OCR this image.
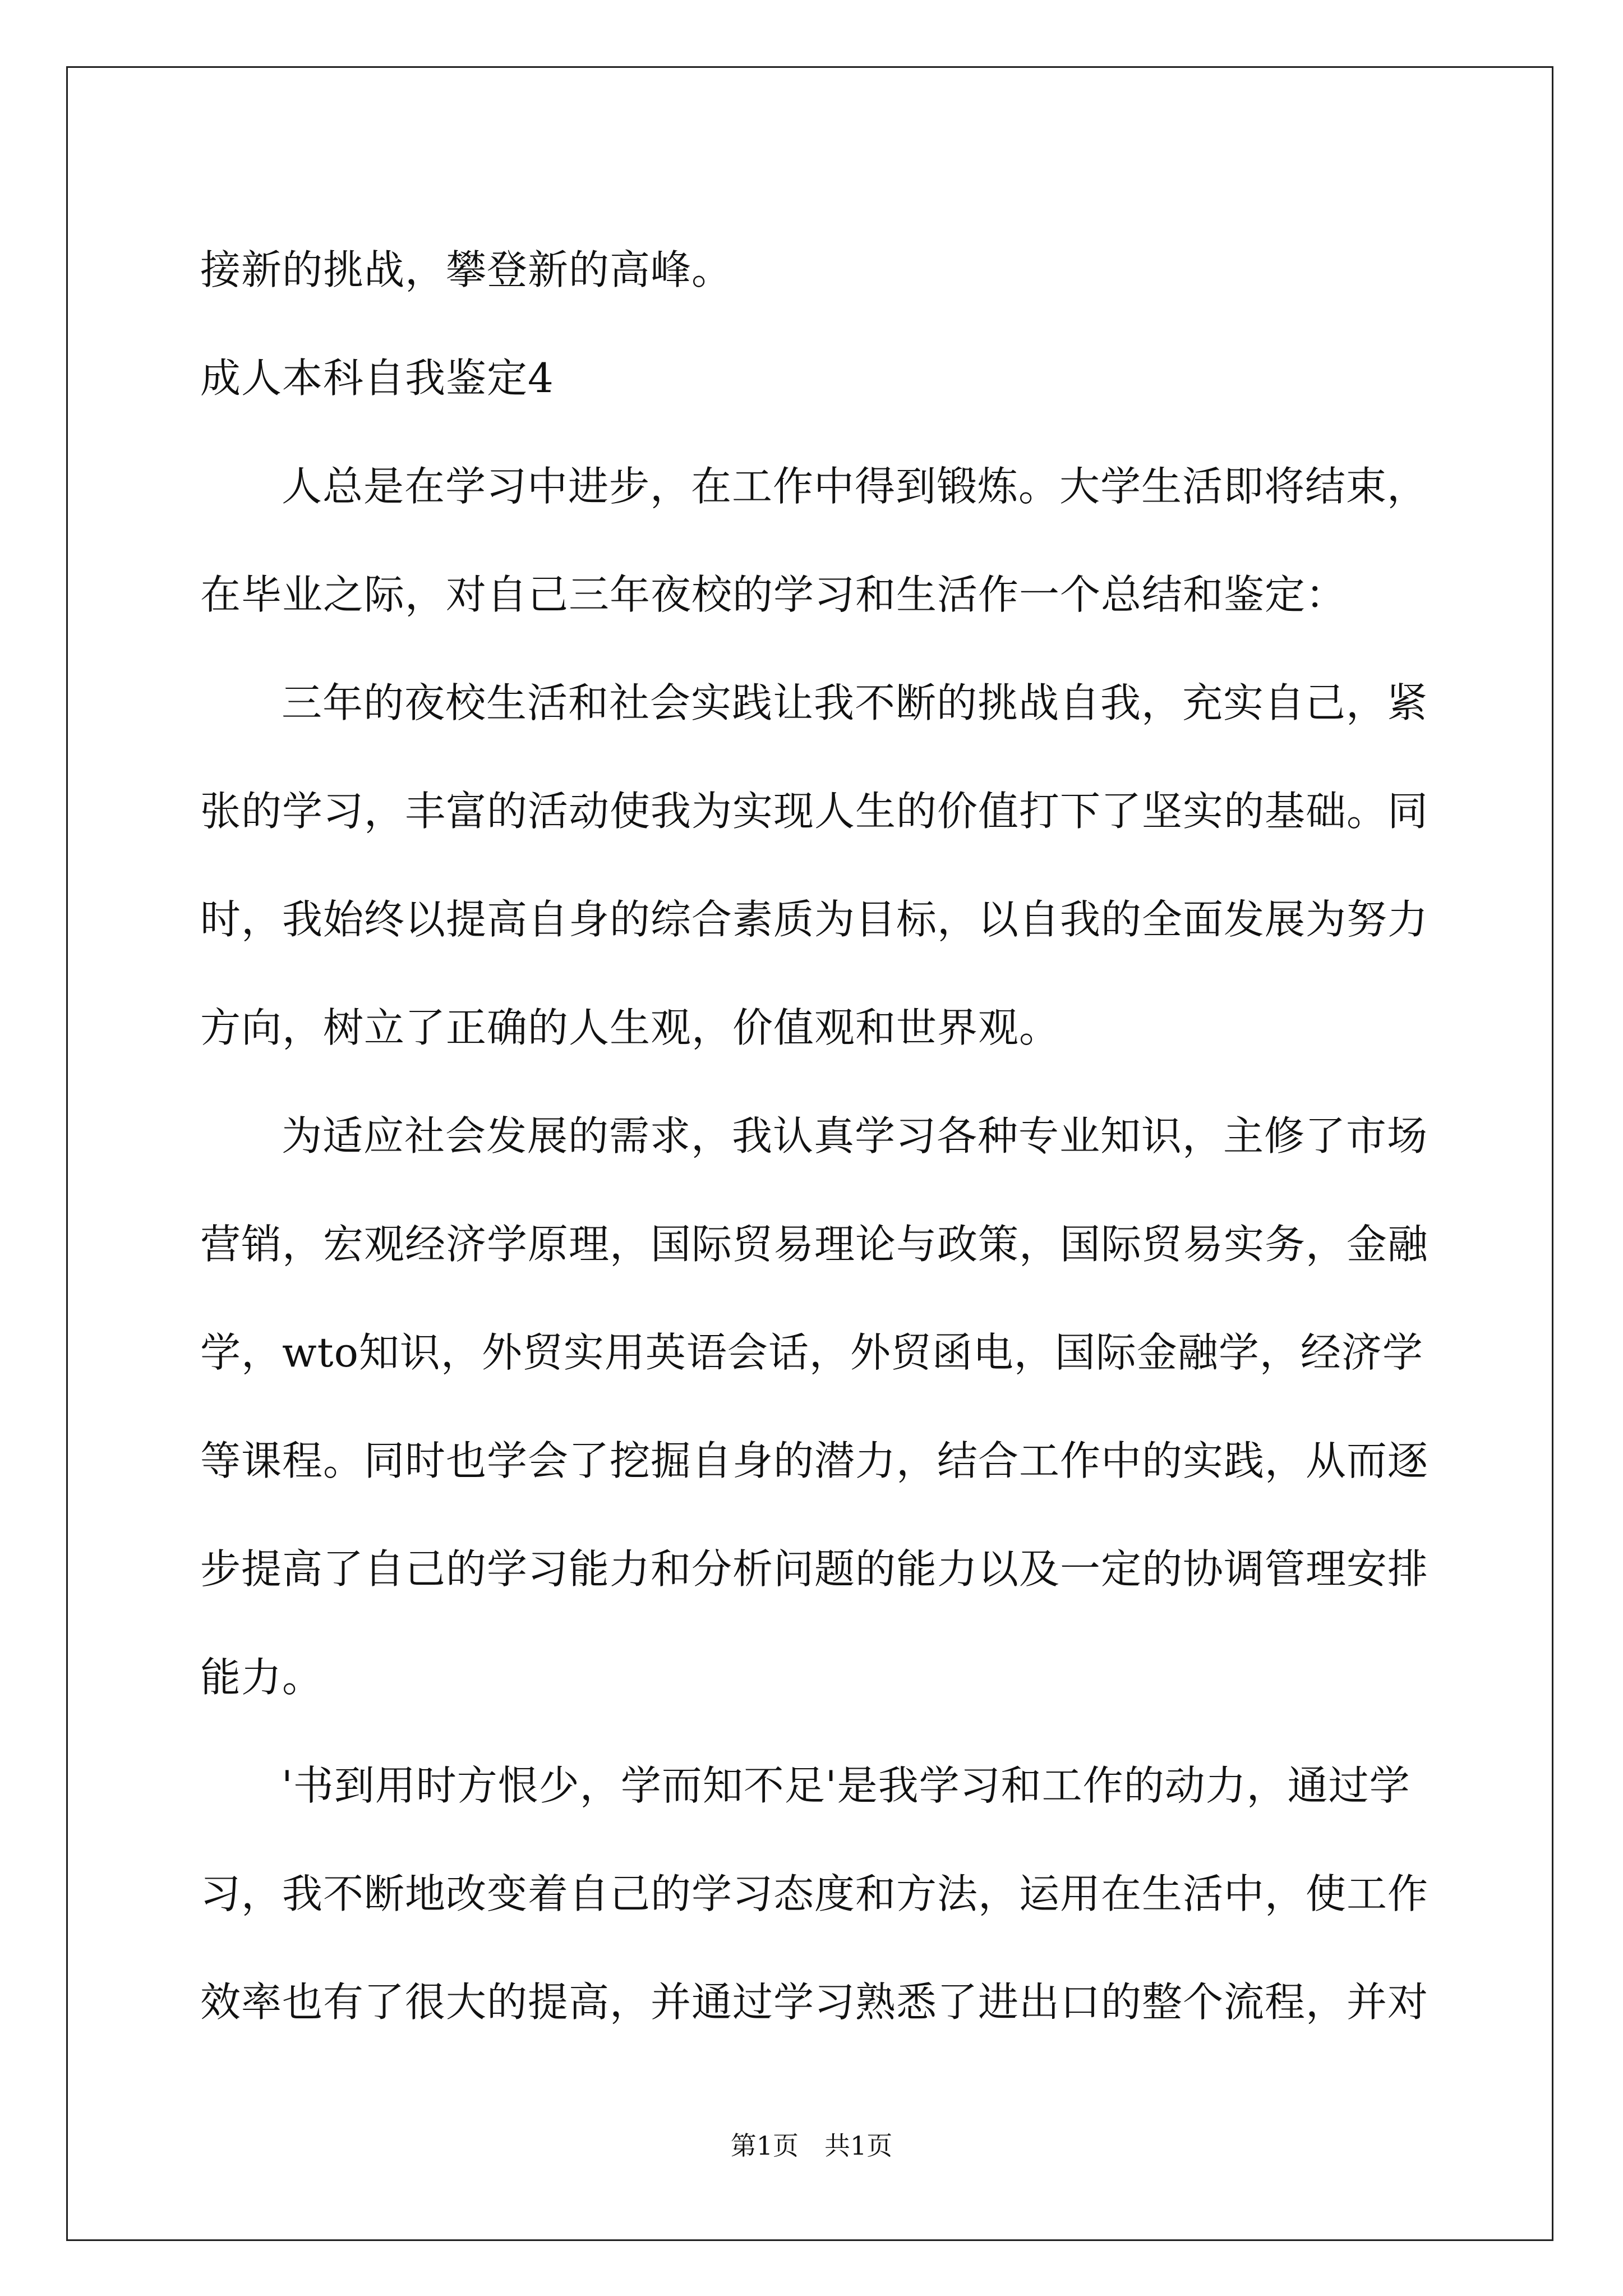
接新的挑战，攀登新的高峰。
成人本科自我鉴定4
人总是在学习中进步，在工作中得到锻炼。大学生活即将结束，
在毕业之际，对自己三年夜校的学习和生活作一个总结和鉴定：
三年的夜校生活和社会实践让我不断的挑战自我，充实自己，紧
张的学习，丰富的活动使我为实现人生的价值打下了坚实的基础。同
时，我始终以提高自身的综合素质为目标，以自我的全面发展为努力
方向，树立了正确的人生观，价值观和世界观。
为适应社会发展的需求，我认真学习各种专业知识，主修了市场
营销，宏观经济学原理，国际贸易理论与政策，国际贸易实务，金融
学，wto知识，外贸实用英语会话，外贸函电，国际金融学，经济学
等课程。同时也学会了挖掘自身的潜力，结合工作中的实践，从而逐
步提高了自己的学习能力和分析问题的能力以及一定的协调管理安排
能力。
'书到用时方恨少，学而知不足'是我学习和工作的动力，通过学
习，我不断地改变着自己的学习态度和方法，运用在生活中，使工作
效率也有了很大的提高，并通过学习熟悉了进出口的整个流程，并对
第1页　共1页
